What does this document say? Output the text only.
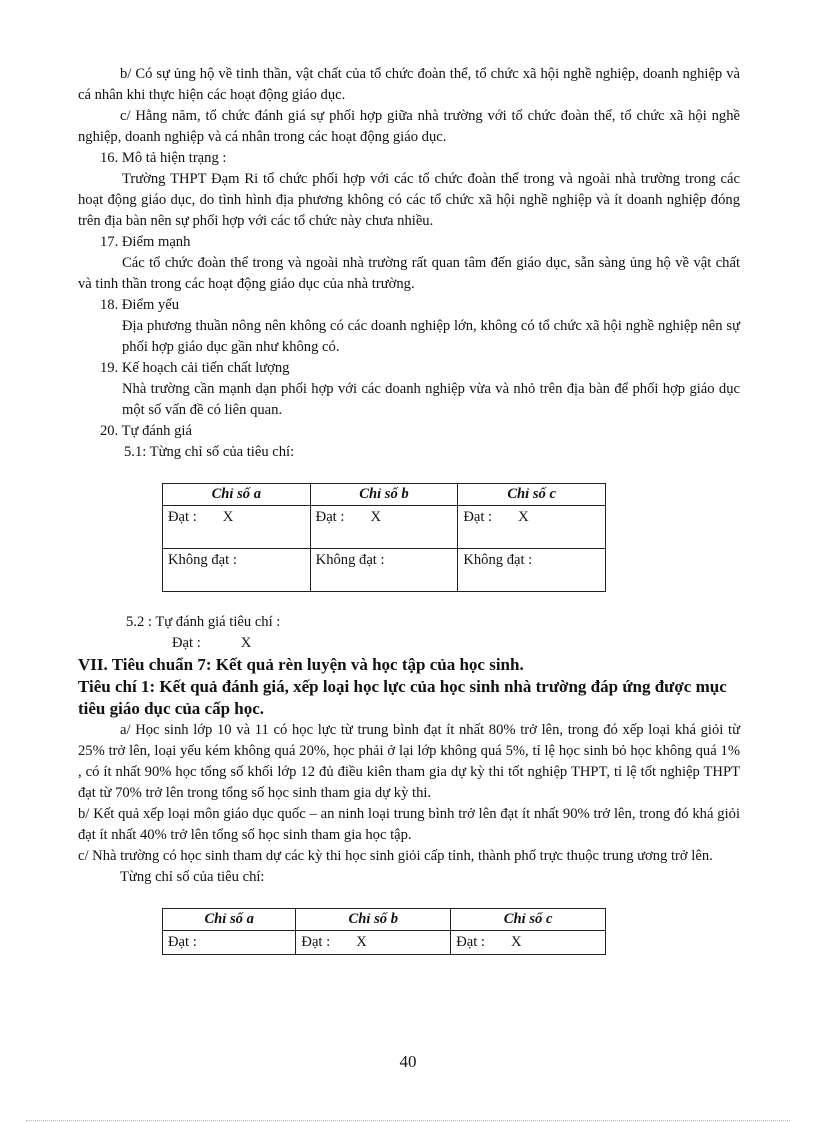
b/ Có sự ủng hộ về tinh thần, vật chất của tổ chức đoàn thể, tổ chức xã hội nghề nghiệp, doanh nghiệp và cá nhân khi thực hiện các hoạt động giáo dục.

c/ Hằng năm, tổ chức đánh giá sự phối hợp giữa nhà trường với tổ chức đoàn thể, tổ chức xã hội nghề nghiệp, doanh nghiệp và cá nhân trong các hoạt động giáo dục.

16. Mô tả hiện trạng :

Trường THPT Đạm Ri tổ chức phối hợp với các tổ chức đoàn thể trong và ngoài nhà trường trong các hoạt động giáo dục, do tình hình địa phương không có các tổ chức xã hội nghề nghiệp và ít doanh nghiệp đóng trên địa bàn nên sự phối hợp với các tổ chức này chưa nhiều.

17. Điểm mạnh

Các tổ chức đoàn thể trong và ngoài nhà trường rất quan tâm đến giáo dục, sẵn sàng ủng hộ về vật chất và tinh thần trong các hoạt động giáo dục của nhà trường.

18. Điểm yếu

Địa phương thuần nông nên không có các doanh nghiệp lớn, không có tổ chức xã hội nghề nghiệp nên sự phối hợp giáo dục gần như không có.

19. Kế hoạch cải tiến chất lượng

Nhà trường cần mạnh dạn phối hợp với các doanh nghiệp vừa và nhỏ trên địa bàn để phối hợp giáo dục một số vấn đề có liên quan.

20. Tự đánh giá

5.1: Từng chỉ số của tiêu chí:

Chỉ số a	Chỉ số b	Chỉ số c
Đạt : X	Đạt : X	Đạt : X
Không đạt :	Không đạt :	Không đạt :

5.2 : Tự đánh giá tiêu chí :

Đạt :	X

VII. Tiêu chuẩn 7: Kết quả rèn luyện và học tập của học sinh.

Tiêu chí 1: Kết quả đánh giá, xếp loại học lực của học sinh nhà trường đáp ứng được mục tiêu giáo dục của cấp học.

a/ Học sinh lớp 10 và 11 có học lực từ trung bình đạt ít nhất 80% trở lên, trong đó xếp loại khá giỏi từ 25% trở lên, loại yếu kém không quá 20%, học phải ở lại lớp không quá 5%, tỉ lệ học sinh bỏ học không quá 1% , có ít nhất 90% học tổng số khối lớp 12 đủ điều kiên tham gia dự kỳ thi tốt nghiệp THPT, tỉ lệ tốt nghiệp THPT đạt từ 70% trở lên trong tổng số học sinh tham gia dự kỳ thi.

b/ Kết quả xếp loại môn giáo dục quốc – an ninh loại trung bình trở lên đạt ít nhất 90% trở lên, trong đó khá giỏi đạt ít nhất 40% trở lên tổng số học sinh tham gia học tập.

c/ Nhà trường có học sinh tham dự các kỳ thi học sinh giỏi cấp tỉnh, thành phố trực thuộc trung ương trở lên.

Từng chỉ số của tiêu chí:

Chỉ số a	Chỉ số b	Chỉ số c
Đạt :	Đạt : X	Đạt : X
40
